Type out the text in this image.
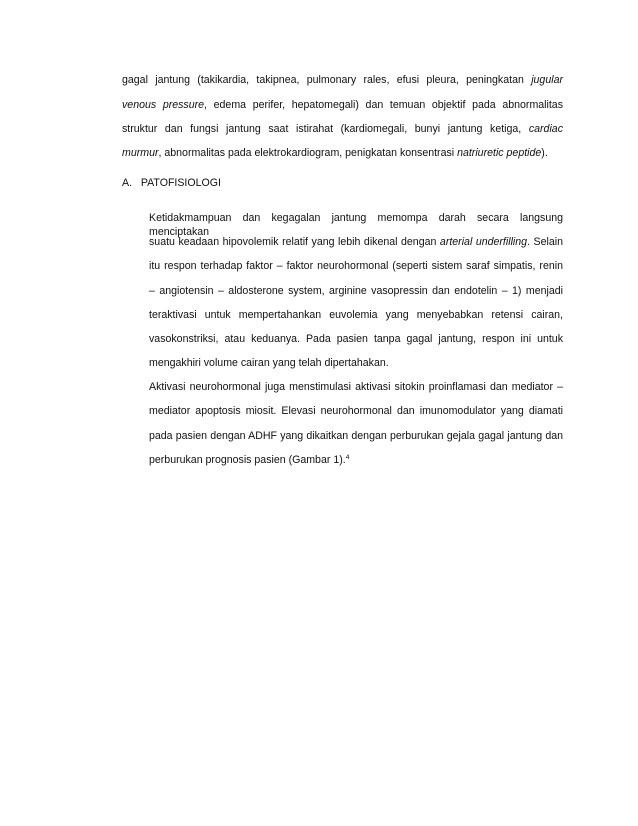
gagal jantung (takikardia, takipnea, pulmonary rales, efusi pleura, peningkatan jugular
venous pressure, edema perifer, hepatomegali) dan temuan objektif pada abnormalitas
struktur dan fungsi jantung saat istirahat (kardiomegali, bunyi jantung ketiga, cardiac
murmur, abnormalitas pada elektrokardiogram, penigkatan konsentrasi natriuretic peptide).
A. PATOFISIOLOGI
Ketidakmampuan dan kegagalan jantung memompa darah secara langsung menciptakan
suatu keadaan hipovolemik relatif yang lebih dikenal dengan arterial underfilling. Selain
itu respon terhadap faktor – faktor neurohormonal (seperti sistem saraf simpatis, renin
– angiotensin – aldosterone system, arginine vasopressin dan endotelin – 1) menjadi
teraktivasi untuk mempertahankan euvolemia yang menyebabkan retensi cairan,
vasokonstriksi, atau keduanya. Pada pasien tanpa gagal jantung, respon ini untuk
mengakhiri volume cairan yang telah dipertahakan.
Aktivasi neurohormonal juga menstimulasi aktivasi sitokin proinflamasi dan mediator –
mediator apoptosis miosit. Elevasi neurohormonal dan imunomodulator yang diamati
pada pasien dengan ADHF yang dikaitkan dengan perburukan gejala gagal jantung dan
perburukan prognosis pasien (Gambar 1).$^4$
